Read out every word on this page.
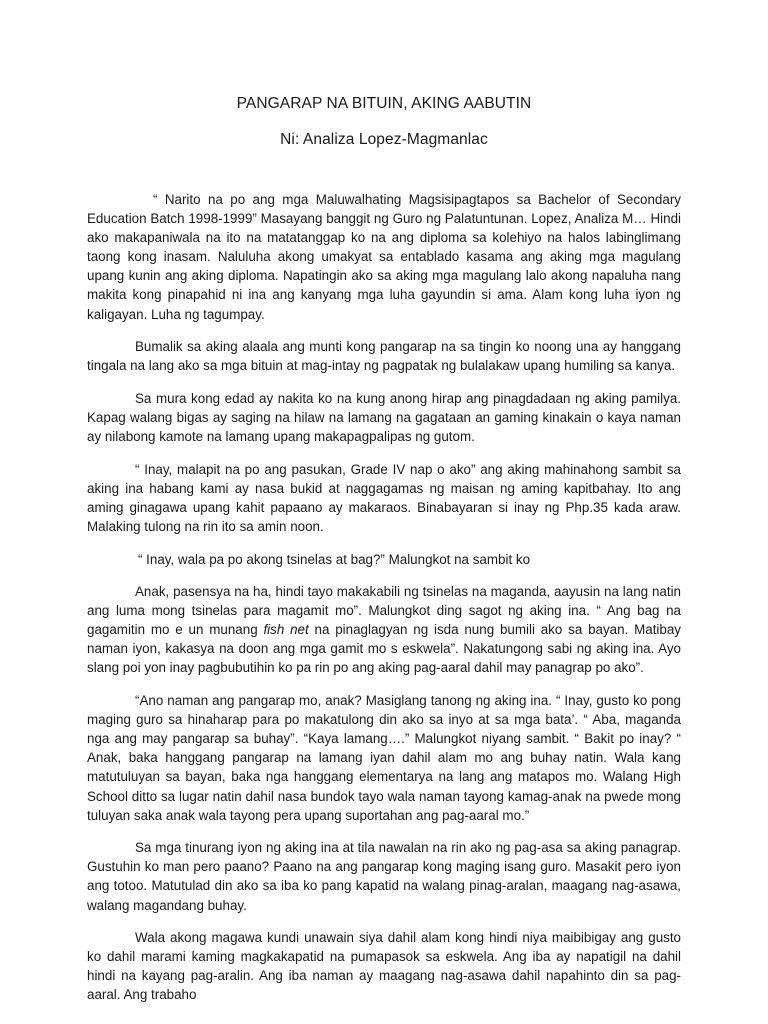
PANGARAP NA BITUIN, AKING AABUTIN
Ni: Analiza Lopez-Magmanlac

“ Narito na po ang mga Maluwalhating Magsisipagtapos sa Bachelor of Secondary Education Batch 1998-1999” Masayang banggit ng Guro ng Palatuntunan. Lopez, Analiza M… Hindi ako makapaniwala na ito na matatanggap ko na ang diploma sa kolehiyo na halos labinglimang taong kong inasam. Naluluha akong umakyat sa entablado kasama ang aking mga magulang upang kunin ang aking diploma. Napatingin ako sa aking mga magulang lalo akong napaluha nang makita kong pinapahid ni ina ang kanyang mga luha gayundin si ama. Alam kong luha iyon ng kaligayan. Luha ng tagumpay.

Bumalik sa aking alaala ang munti kong pangarap na sa tingin ko noong una ay hanggang tingala na lang ako sa mga bituin at mag-intay ng pagpatak ng bulalakaw upang humiling sa kanya.

Sa mura kong edad ay nakita ko na kung anong hirap ang pinagdadaan ng aking pamilya. Kapag walang bigas ay saging na hilaw na lamang na gagataan an gaming kinakain o kaya naman ay nilabong kamote na lamang upang makapagpalipas ng gutom.

“ Inay, malapit na po ang pasukan, Grade IV nap o ako” ang aking mahinahong sambit sa aking ina habang kami ay nasa bukid at naggagamas ng maisan ng aming kapitbahay. Ito ang aming ginagawa upang kahit papaano ay makaraos. Binabayaran si inay ng Php.35 kada araw. Malaking tulong na rin ito sa amin noon.

“ Inay, wala pa po akong tsinelas at bag?” Malungkot na sambit ko

Anak, pasensya na ha, hindi tayo makakabili ng tsinelas na maganda, aayusin na lang natin ang luma mong tsinelas para magamit mo”. Malungkot ding sagot ng aking ina. “ Ang bag na gagamitin mo e un munang fish net na pinaglagyan ng isda nung bumili ako sa bayan. Matibay naman iyon, kakasya na doon ang mga gamit mo s eskwela”. Nakatungong sabi ng aking ina. Ayo slang poi yon inay pagbubutihin ko pa rin po ang aking pag-aaral dahil may panagrap po ako”.

“Ano naman ang pangarap mo, anak? Masiglang tanong ng aking ina. “ Inay, gusto ko pong maging guro sa hinaharap para po makatulong din ako sa inyo at sa mga bata’. “ Aba, maganda nga ang may pangarap sa buhay”. “Kaya lamang….” Malungkot niyang sambit. “ Bakit po inay? “ Anak, baka hanggang pangarap na lamang iyan dahil alam mo ang buhay natin. Wala kang matutuluyan sa bayan, baka nga hanggang elementarya na lang ang matapos mo. Walang High School ditto sa lugar natin dahil nasa bundok tayo wala naman tayong kamag-anak na pwede mong tuluyan saka anak wala tayong pera upang suportahan ang pag-aaral mo.”

Sa mga tinurang iyon ng aking ina at tila nawalan na rin ako ng pag-asa sa aking panagrap. Gustuhin ko man pero paano? Paano na ang pangarap kong maging isang guro. Masakit pero iyon ang totoo. Matutulad din ako sa iba ko pang kapatid na walang pinag-aralan, maagang nag-asawa, walang magandang buhay.

Wala akong magawa kundi unawain siya dahil alam kong hindi niya maibibigay ang gusto ko dahil marami kaming magkakapatid na pumapasok sa eskwela. Ang iba ay napatigil na dahil hindi na kayang pag-aralin. Ang iba naman ay maagang nag-asawa dahil napahinto din sa pag-aaral. Ang trabaho
